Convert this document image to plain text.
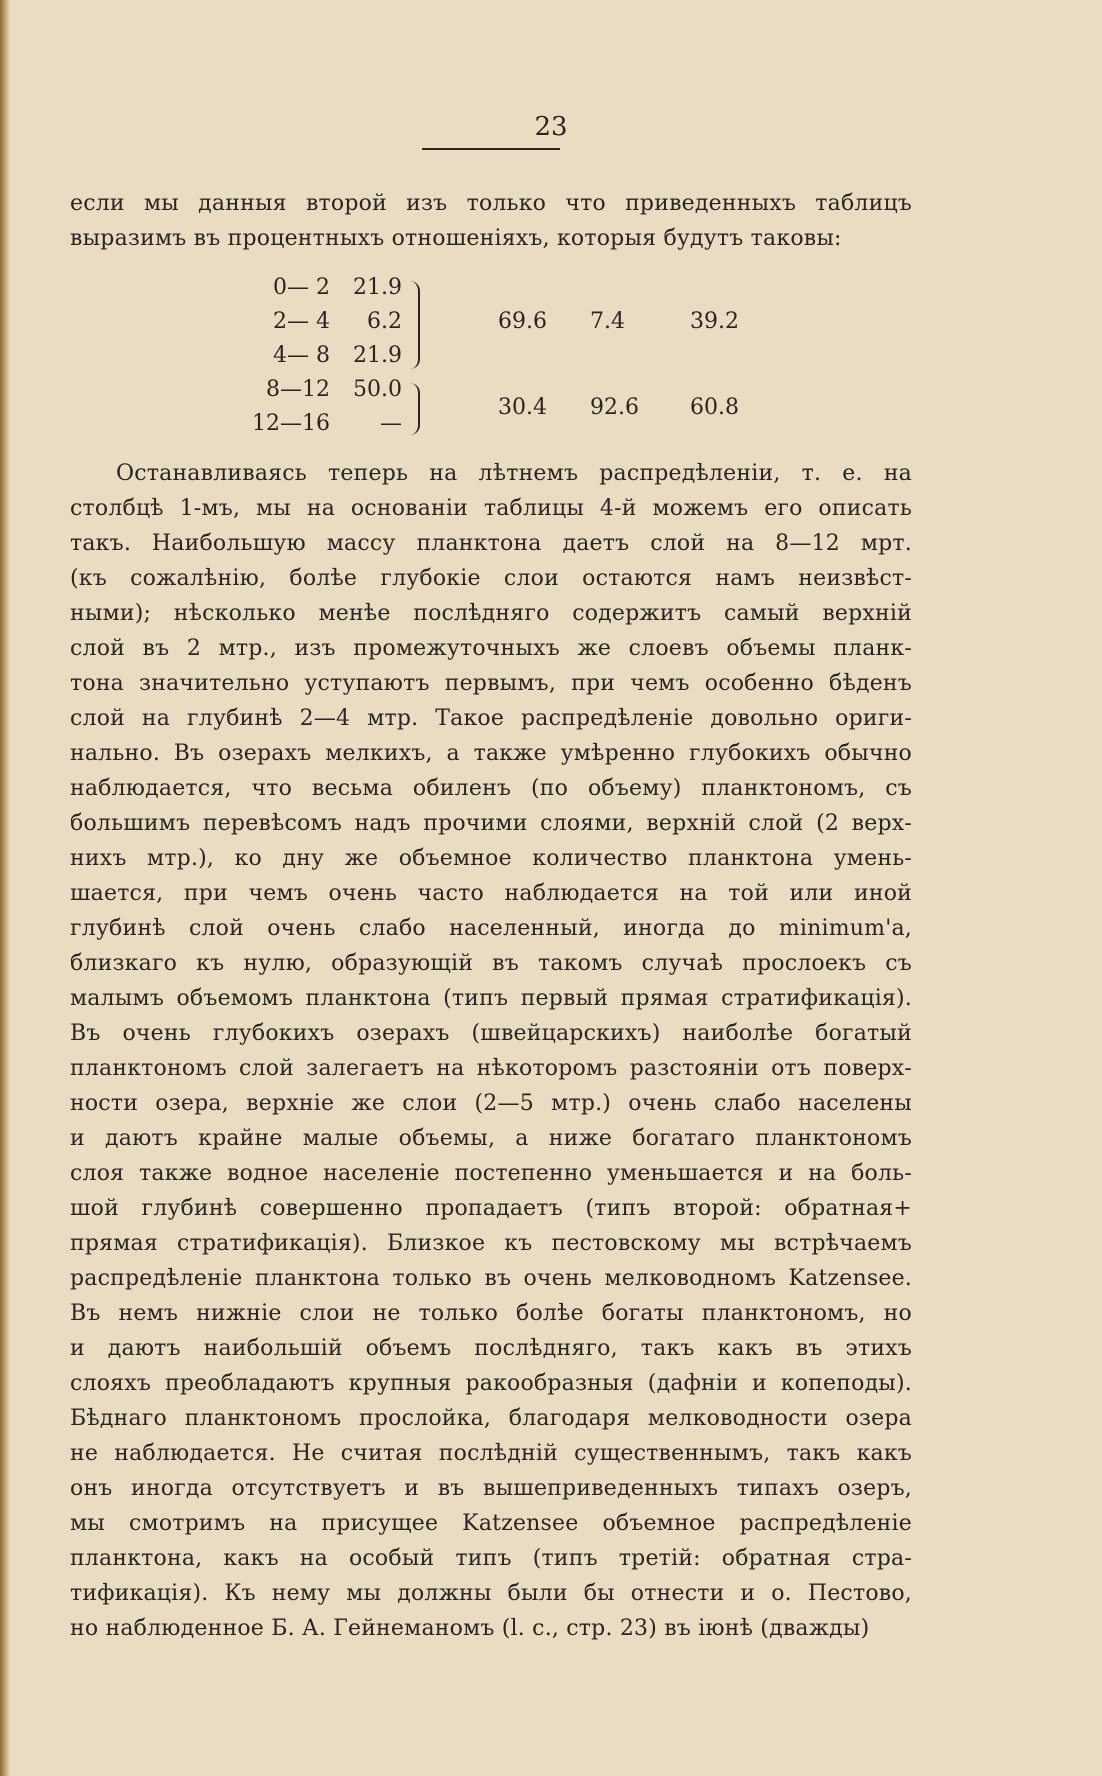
23
если мы данныя второй изъ только что приведенныхъ таблицъ
выразимъ въ процентныхъ отношеніяхъ, которыя будутъ таковы:
0— 2	21.9
2— 4	6.2
4— 8	21.9
8—12	50.0
12—16	—
69.6 7.4	39.2
30.4 92.6 60.8
Останавливаясь теперь на лѣтнемъ распредѣленіи, т. е. на
столбцѣ 1-мъ, мы на основаніи таблицы 4-й можемъ его описать
такъ. Наибольшую массу планктона даетъ слой на 8—12 мрт.
(къ сожалѣнію, болѣе глубокіе слои остаются намъ неизвѣст-
ными); нѣсколько менѣе послѣдняго содержитъ самый верхній
слой въ 2 мтр., изъ промежуточныхъ же слоевъ объемы планк-
тона значительно уступаютъ первымъ, при чемъ особенно бѣденъ
слой на глубинѣ 2—4 мтр. Такое распредѣленіе довольно ориги-
нально. Въ озерахъ мелкихъ, а также умѣренно глубокихъ обычно
наблюдается, что весьма обиленъ (по объему) планктономъ, съ
большимъ перевѣсомъ надъ прочими слоями, верхній слой (2 верх-
нихъ мтр.), ко дну же объемное количество планктона умень-
шается, при чемъ очень часто наблюдается на той или иной
глубинѣ слой очень слабо населенный, иногда до minimum'а,
близкаго къ нулю, образующій въ такомъ случаѣ прослоекъ съ
малымъ объемомъ планктона (типъ первый прямая стратификація).
Въ очень глубокихъ озерахъ (швейцарскихъ) наиболѣе богатый
планктономъ слой залегаетъ на нѣкоторомъ разстояніи отъ поверх-
ности озера, верхніе же слои (2—5 мтр.) очень слабо населены
и даютъ крайне малые объемы, а ниже богатаго планктономъ
слоя также водное населеніе постепенно уменьшается и на боль-
шой глубинѣ совершенно пропадаетъ (типъ второй: обратная+
прямая стратификація). Близкое къ пестовскому мы встрѣчаемъ
распредѣленіе планктона только въ очень мелководномъ Katzensee.
Въ немъ нижніе слои не только болѣе богаты планктономъ, но
и даютъ наибольшій объемъ послѣдняго, такъ какъ въ этихъ
слояхъ преобладаютъ крупныя ракообразныя (дафніи и копеподы).
Бѣднаго планктономъ прослойка, благодаря мелководности озера
не наблюдается. Не считая послѣдній существеннымъ, такъ какъ
онъ иногда отсутствуетъ и въ вышеприведенныхъ типахъ озеръ,
мы смотримъ на присущее Katzensee объемное распредѣленіе
планктона, какъ на особый типъ (типъ третій: обратная стра-
тификація). Къ нему мы должны были бы отнести и о. Пестово,
но наблюденное Б. А. Гейнеманомъ (l. с., стр. 23) въ іюнѣ (дважды)
